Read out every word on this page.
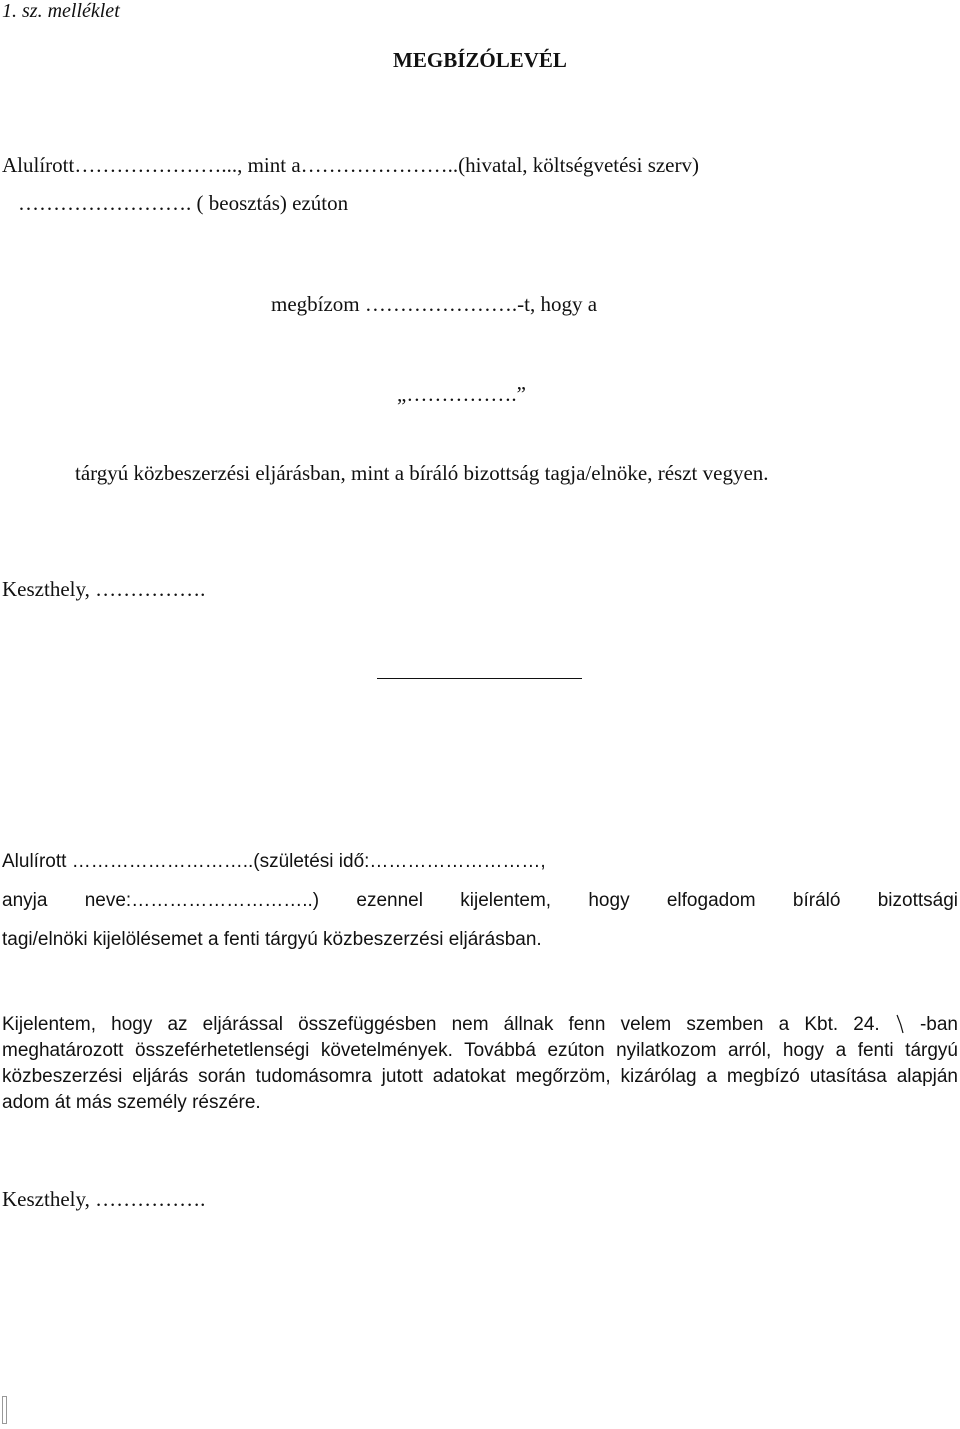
1. sz. melléklet

MEGBÍZÓLEVÉL

Alulírott…………………..., mint a…………………..(hivatal, költségvetési szerv)

……………………. ( beosztás) ezúton

megbízom ………………….-t, hogy a

„…………….”

tárgyú közbeszerzési eljárásban, mint a bíráló bizottság tagja/elnöke, részt vegyen.

Keszthely, …………….

Alulírott ………………………..(születési idő:………………………,

anyja neve:………………………..) ezennel kijelentem, hogy elfogadom bíráló bizottsági

tagi/elnöki kijelölésemet a fenti tárgyú közbeszerzési eljárásban.

Kijelentem, hogy az eljárással összefüggésben nem állnak fenn velem szemben a Kbt. 24. -ban
meghatározott összeférhetetlenségi követelmények. Továbbá ezúton nyilatkozom arról, hogy a fenti tárgyú
közbeszerzési eljárás során tudomásomra jutott adatokat megőrzöm, kizárólag a megbízó utasítása alapján
adom át más személy részére.

Keszthely, …………….
